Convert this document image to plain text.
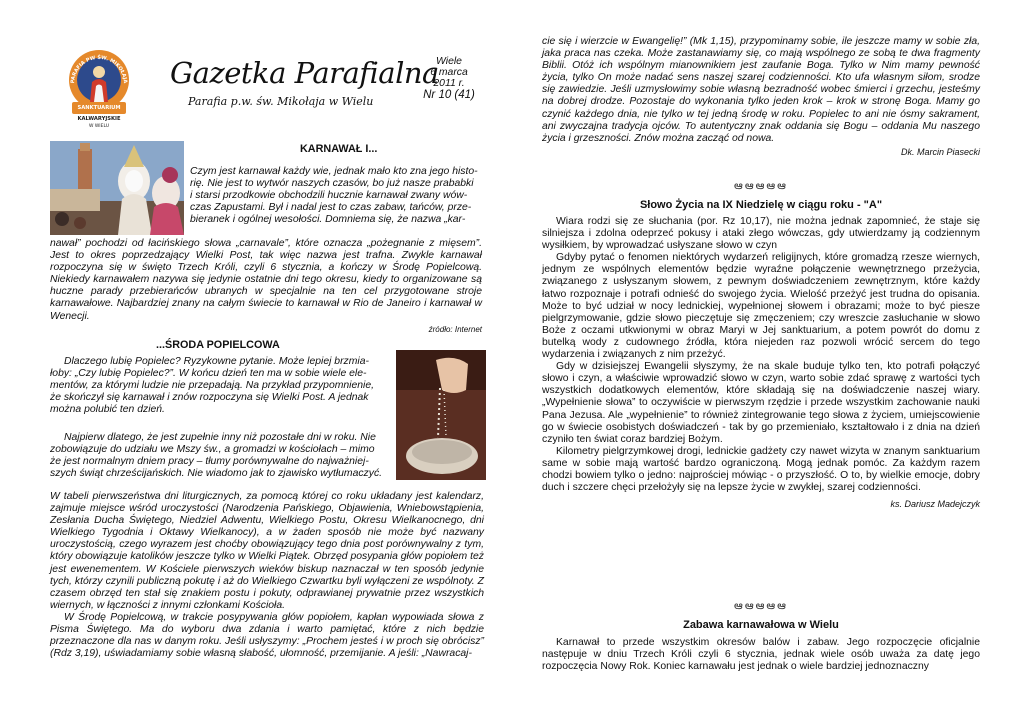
PARAFIA PW ŚW. MIKOŁAJA
SANKTUARIUM
KALWARYJSKIE
W WIELU
Gazetka Parafialna
Parafia p.w. św. Mikołaja w Wielu
Wiele
6 marca
2011 r.
Nr 10 (41)
KARNAWAŁ I...

Czym jest karnawał każdy wie, jednak mało kto zna jego histo-

rię. Nie jest to wytwór naszych czasów, bo już nasze prababki

i starsi przodkowie obchodzili hucznie karnawał zwany wów-

czas Zapustami. Był i nadal jest to czas zabaw, tańców, prze-

bieranek i ogólnej wesołości. Domniema się, że nazwa „kar-

nawał” pochodzi od łacińskiego słowa „carnavale”, które oznacza „pożegnanie z mięsem”. Jest to okres poprzedzający Wielki Post, tak więc nazwa jest trafna. Zwykle karnawał rozpoczyna się w święto Trzech Króli, czyli 6 stycznia, a kończy w Środę Popielcową. Niekiedy karnawałem nazywa się jedynie ostatnie dni tego okresu, kiedy to organizowane są huczne parady przebierańców ubranych w specjalnie na ten cel przygotowane stroje karnawałowe. Najbardziej znany na całym świecie to karnawał w Rio de Janeiro i karnawał w Wenecji.

źródło: Internet
...ŚRODA POPIELCOWA

Dlaczego lubię Popielec? Ryzykowne pytanie. Może lepiej brzmia-

łoby: „Czy lubię Popielec?”. W końcu dzień ten ma w sobie wiele ele-

mentów, za którymi ludzie nie przepadają. Na przykład przypomnienie,

że skończył się karnawał i znów rozpoczyna się Wielki Post. A jednak

można polubić ten dzień.

Najpierw dlatego, że jest zupełnie inny niż pozostałe dni w roku. Nie

zobowiązuje do udziału we Mszy św., a gromadzi w kościołach – mimo

że jest normalnym dniem pracy – tłumy porównywalne do najważniej-

szych świąt chrześcijańskich. Nie wiadomo jak to zjawisko wytłumaczyć.

W tabeli pierwszeństwa dni liturgicznych, za pomocą której co roku układany jest kalendarz, zajmuje miejsce wśród uroczystości (Narodzenia Pańskiego, Objawienia, Wniebowstąpienia, Zesłania Ducha Świętego, Niedziel Adwentu, Wielkiego Postu, Okresu Wielkanocnego, dni Wielkiego Tygodnia i Oktawy Wielkanocy), a w żaden sposób nie może być nazwany uroczystością, czego wyrazem jest choćby obowiązujący tego dnia post porównywalny z tym, który obowiązuje katolików jeszcze tylko w Wielki Piątek. Obrzęd posypania głów popiołem też jest ewenementem. W Kościele pierwszych wieków biskup naznaczał w ten sposób jedynie tych, którzy czynili publiczną pokutę i aż do Wielkiego Czwartku byli wyłączeni ze wspólnoty. Z czasem obrzęd ten stał się znakiem postu i pokuty, odprawianej prywatnie przez wszystkich wiernych, w łączności z innymi członkami Kościoła.

W Środę Popielcową, w trakcie posypywania głów popiołem, kapłan wypowiada słowa z Pisma Świętego. Ma do wyboru dwa zdania i warto pamiętać, które z nich będzie przeznaczone dla nas w danym roku. Jeśli usłyszymy: „Prochem jesteś i w proch się obrócisz” (Rdz 3,19), uświadamiamy sobie własną słabość, ułomność, przemijanie. A jeśli: „Nawracaj-

cie się i wierzcie w Ewangelię!” (Mk 1,15), przypominamy sobie, ile jeszcze mamy w sobie zła, jaka praca nas czeka. Może zastanawiamy się, co mają wspólnego ze sobą te dwa fragmenty Biblii. Otóż ich wspólnym mianownikiem jest zaufanie Boga. Tylko w Nim mamy pewność życia, tylko On może nadać sens naszej szarej codzienności. Kto ufa własnym siłom, srodze się zawiedzie. Jeśli uzmysłowimy sobie własną bezradność wobec śmierci i grzechu, jesteśmy na dobrej drodze. Pozostaje do wykonania tylko jeden krok – krok w stronę Boga. Mamy go czynić każdego dnia, nie tylko w tej jedną środę w roku. Popielec to ani nie ósmy sakrament, ani zwyczajna tradycja ojców. To autentyczny znak oddania się Bogu – oddania Mu naszego życia i grzeszności. Znów można zacząć od nowa.

Dk. Marcin Piasecki

ఆఆఆఆఆ
Słowo Życia na IX Niedzielę w ciągu roku - "A"

Wiara rodzi się ze słuchania (por. Rz 10,17), nie można jednak zapomnieć, że staje się silniejsza i zdolna odeprzeć pokusy i ataki złego wówczas, gdy utwierdzamy ją codziennym wysiłkiem, by wprowadzać usłyszane słowo w czyn

Gdyby pytać o fenomen niektórych wydarzeń religijnych, które gromadzą rzesze wiernych, jednym ze wspólnych elementów będzie wyraźne połączenie wewnętrznego przeżycia, związanego z usłyszanym słowem, z pewnym doświadczeniem zewnętrznym, które każdy łatwo rozpoznaje i potrafi odnieść do swojego życia. Wielość przeżyć jest trudna do opisania. Może to być udział w nocy lednickiej, wypełnionej słowem i obrazami; może to być piesze pielgrzymowanie, gdzie słowo pieczętuje się zmęczeniem; czy wreszcie zasłuchanie w słowo Boże z oczami utkwionymi w obraz Maryi w Jej sanktuarium, a potem powrót do domu z butelką wody z cudownego źródła, która niejeden raz pozwoli wrócić sercem do tego wydarzenia i związanych z nim przeżyć.

Gdy w dzisiejszej Ewangelii słyszymy, że na skale buduje tylko ten, kto potrafi połączyć słowo i czyn, a właściwie wprowadzić słowo w czyn, warto sobie zdać sprawę z wartości tych wszystkich dodatkowych elementów, które składają się na doświadczenie naszej wiary. „Wypełnienie słowa” to oczywiście w pierwszym rzędzie i przede wszystkim zachowanie nauki Pana Jezusa. Ale „wypełnienie” to również zintegrowanie tego słowa z życiem, umiejscowienie go w świecie osobistych doświadczeń - tak by go przemieniało, kształtowało i z dnia na dzień czyniło ten świat coraz bardziej Bożym.

Kilometry pielgrzymkowej drogi, lednickie gadżety czy nawet wizyta w znanym sanktuarium same w sobie mają wartość bardzo ograniczoną. Mogą jednak pomóc. Za każdym razem chodzi bowiem tylko o jedno: najprościej mówiąc - o przyszłość. O to, by wielkie emocje, dobry duch i szczere chęci przełożyły się na lepsze życie w zwykłej, szarej codzienności.

ks. Dariusz Madejczyk

ఆఆఆఆఆ
Zabawa karnawałowa w Wielu

Karnawał to przede wszystkim okresów balów i zabaw. Jego rozpoczęcie oficjalnie następuje w dniu Trzech Króli czyli 6 stycznia, jednak wiele osób uważa za datę jego rozpoczęcia Nowy Rok. Koniec karnawału jest jednak o wiele bardziej jednoznaczny
